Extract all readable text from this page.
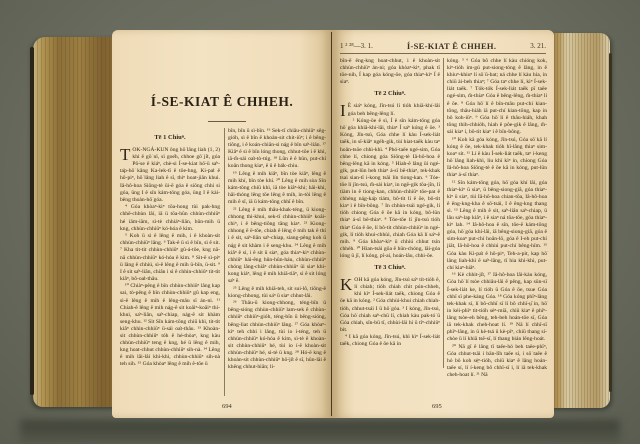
Í-SE-KIAT Ê CHHEH.
Tē 1 Chiuⁿ.

TOK-NGÁ-KUN ông hō͘ lâng liah (1, 2) khì ê gō͘ nî, sì goe̍h, chhoe gō͘ ji̍t, góa Pō͘-se ê kiáⁿ, chè-si Í-se-kiat hō͘-ū sa̍ⁿ-ta̍p-hō͘ kâng Ka-lek-tī ê tōe-hng, Ki-pa̍t ê hô-piⁿ, hō͘ lâng liah ê sî, thiⁿ hoat-jiân khui. Iâ-hô-hoa Siōng-tè ūi-ē góa ê siōng chhi si góa, ūng I ê sîn kám-tōng góa, ūng I ê kài-bēng thoàn-hō͘ góa.

⁴ Góa khòaⁿ-kìⁿ tōa-hong tùi pak-hng chhē-chhùn lâi, iā ū tōa-hûn chhùn-chhiūⁿ hé iām-iām, sì-tè chhiáⁿ-liān, hûn-mih ū kng, chhùn-chhiūⁿ kó-hóa ê kim.

⁵ Koh ū sì ê lêng ê mih, i ê khoàn-sit chhùn-chhiūⁿ lâng. ⁶ Tak-ê ū sì ê bīn, sì ê sit. ⁷ Kha tit-tit chhùn-chhiūⁿ gû-á-tôe, kng nā-nā chhùn-chhiūⁿ kó-hóa ê kim. ⁸ Sit-ē sì-piⁿ ū lâng ê chhiú, sì-ê lêng ê mih ū-bīn, ū-sit. ⁹ I ê sit sa̍ⁿ-liân, chiân i sì ê chhin-chhiūⁿ tit-tit kiâⁿ, bô-oa̍t-thâu.

¹⁰ Chiàⁿ-pêng ê bīn chhùn-chhiūⁿ lâng kap sai, tò-pêng ê bīn chhùn-chhiūⁿ gû kap eng, sì-ê lêng ê mih ê lêng-mâu sī án-ni. ¹¹ Chiah-ê lêng ê mih ná̤g-ê sit koâiⁿ-koâiⁿ thí-khui, sa̍ⁿ-liân, sa̍ⁿ-chiap, ná̤g-ê sit khàm seng-khu. ¹² Sit Sîn kám-tōng chiū khì, tit-tit kiâⁿ chhin-chhiūⁿ ū-sái oa̍t-thâu. ¹³ Khoàn-sit chhùn-chhiūⁿ tóh ê hé-thòaⁿ, kng kàu chhùn-chhiūⁿ teng ê kng, hé ū lêng ê mih, kng hoat-chhut chhùn-chhiūⁿ sih-nà. ¹⁴ Lêng ê mih lâi-lâi khì-khì, chhùn-chhiūⁿ sih-nà teh sih. ¹⁵ Góa khòaⁿ lêng ê mih ê-tōe ū

bîn, bîn ū sì-bīn. ¹⁶ Sek-tī chiâu-chhiūⁿ sêg-gióh, sì ê bîn ē khoàn-sit chit-iūⁿ; i ê bêng-tiông, i ê koán-chiān-sì ná̤g ê bîn sa̍ⁿ-liân. ¹⁷ Kiâⁿ ê sì ê bîn lóng thong, chhut-tōe i ê khì, iā-m̄-sái oa̍t-tò-tńg. ¹⁸ Lûn ê ê hûn, put-chí koân thong kiaⁿ, ē ū ê bák-chiu.

¹⁹ Lêng ê mih kiâⁿ, bîn tòe kiâⁿ, lêng ê mih khí, bîn tòe khí. ²⁰ Lêng ê mih sòa Sîn kám-tōng chiū khì, iā tòe kiâⁿ-khì; hâi-khì, hâi-thóng lêng tōe lêng ê mih, in-tòi lêng ê mih ê sî, iā ū kám-tōng chhī ê bîn.

²² Lêng ê mih thâu-khak-téng, ū kiong-chhong thi-khui, sek-tī chhùn-chhiūⁿ koâi-chiⁿ, i ê bêng-tiông tāng kiaⁿ. ²³ Kiong-chhong ē ē-tōe, chiah ê lêng ê mih tak ê thí i ê sit, sa̍ⁿ-liân sa̍ⁿ-chiap, siang-pêng koh ū ná̤g ê sit khàm i ê seng-khu. ²⁴ Lêng ê mih kiâⁿ ê sì, i ê sit ū siaⁿ, góa thiaⁿ-kìⁿ chhùn-chhiūⁿ hái-êng hûn-hûn-háu, chhùn-chhiūⁿ chóng lâng-chiâⁿ chhùn-chhiūⁿ ūi siaⁿ khì-kong kiáⁿ, lêng ê mih khiā-tiāⁿ, sì ê sit lóng sa̍ⁿ ē.

²⁵ Lêng ê mih khiā-teh, sit sui-lô, tiông-ē kiong-chhong, tùi sa̍ⁿ ū siaⁿ chhut-lâi.

²⁶ Thâu-ū kiong-chhong, téng-bīn ū bêng-sióng chhùn-chhiūⁿ lam-sek ê chhùn-chhiūⁿ chhiūⁿ-gióh, téng-bīn ū bêng-sióng, bêng-liat chhùn-chhiūⁿ lâng. ²⁷ Góa khòaⁿ-kìⁿ teh chhi i lâng, tùi io í-téng, teh ū chhùn-chhiūⁿ kó-hóa ê kim, sì-tè ê khoàn-sit chhùn-chhiūⁿ hé, tùi io í-ē khoàn-sit chhùn-chhiūⁿ hé, sì-tè ū kng. ²⁸ Hó-ē kng ê khoàn-sit chhùn-chhiūⁿ hō͘-ji̍t ê sî, hûn-lāi ê khēng chhut-hiān; lí-

694
1 ² ²⁸—3. 1.	Í-SE-KIAT Ê CHHEH.	3. 21.

bîn-ē êng-kng hoat-chhut, i ê khoàn-sit chhùn-chhiūⁿ án-ni; góa khòaⁿ-kìⁿ, phak tī tōe-nih, Í kap góa kóng-ōe, góa thiaⁿ-kìⁿ Í ê siaⁿ.

Tē 2 Chiuⁿ.

I Ê sia̍ⁿ kóng, Jîn-tsú lí tióh khiā-khí-lâi góa beh bêng-lêng lí.

² Kóng-ōe ê sì, Í ê sîn kám-tōng góa hō͘ góa khiā-khí-lâi, thiaⁿ Í sa̍ⁿ kóng ê ōe. ³ Kóng, Jîn-tsú, Góa chhe lí kàu Í-sek-liát taēk, in sī-kiâⁿ ngéh-gik, tùi hiat-taēk kàu taⁿ hoân-tsōe chhì-khì. ⁴ Phó͘-taēe ngé-sim, Góa chhe lí, chiong góa Siōng-tè Iâ-hô-hoa ê bêng-lēng kā in kóng. ⁵ Hiah-ê lâng ūi ngé-gik, put-lūn beh thiaⁿ á-sī bē-thiaⁿ, tek-khak tsai sian-tī i-kong tsāi lín tiong-kan. ⁶ Tóe-tōe lí jîn-tsú, m̄-sái kiaⁿ, in ngē-gik tōa-jîn, lí tiàm in ē tiong-kan, chhùn-chhiūⁿ tōe-pat ê chhèng ná̤g-ka̍p tiám, bô-tit lí ê ōe, bô-tit kiaⁿ i ê bīn-bông. ⁷ In chhùn-tsái ngé-gik, lí tióh chiong Góa ê ōe kā in kóng, bô-lūn thiaⁿ á-sī bē-thiaⁿ. ⁸ Tóe-tōe lí jîn-tsú tióh thiaⁿ Góa ê ōe, lí bô-tit chhùn-chhiūⁿ in ngé-gik, lí tióh khui-chhùi, chiah Góa kā lí sa̍ⁿ-ê mih. ⁹ Góa khòaⁿ-kìⁿ ū chhiú chhut tsín chhèh. ¹⁰ Hian-tsái gōa ê hūn-chóng, lāi-góa lóng ū jī, lí kóng, pî-ai, hoán-lâu, chhi-ōe.

Tē 3 Chiuⁿ.

KOH kā góa kóng, Jîn-tsú sa̍ⁿ tít-tióh ê, lí chiah; tióh chiah chit pún-chheh, khì kìⁿ Í-sek-liát taēk, chiong Góa ê ōe kā in kóng. ² Góa chhùi-khui chiah chiah-tióh, chhut-tsái I ū hō͘ góa. ³ I kóng, Jîn-tsú, Góa hō͘ chiah sa̍ⁿ-chū lí, chiah kàu pak-tó͘ ū Góa chiah, sîn-bū tī, chhùi-lāi hí ū tîⁿ-chhiūⁿ bit.

⁴ I kā góa kóng, Jîn-tsú, khì kìⁿ Í-sek-liát taēk, chiong Góa ê ōe kā in

kóng. ⁵ ⁶ Góa bô chhe lí kàu chióng kok, kiⁿ-tióh im-gú put-siong-tóng ê lâng, in ê khiuⁿ-khiuⁿ lí sō͘ ū-bat; ná chhe lí kàu hia, in chiū ài-beh thiaⁿ; ⁷ Góa taⁿ chhe lí, kìⁿ Í-sek-liát taēk. ⁷ Tók-tók Í-sek-liát taēk pī taēe ngé-sim, m̄-thiaⁿ Góa ê bêng-lêng, m̄-thiaⁿ lí ê ōe. ⁸ Góa hō͘ lí ê bīn-mâu put-chí kian-tōng, thâu-hiáh iā put-chí kian-tōng, kap in bô koh-iūⁿ. ⁹ Góa hō͘ lí ê thâu-hiáh, khah tōng thih-chhióh, hiah ê pôe-gik ê lâng, m̄-sái kiaⁿ i, bô-tit kiaⁿ i ê bīn-bông.

¹⁰ Koh kā góa kóng, Jîn-tsú, Góa sō͘ kā lí kóng ê ōe, tek-khak tióh hī-lâng thiaⁿ sim-koaⁿ sit. ¹¹ Lí ê kàu Í-sek-liát taēk, taⁿ í-keng hō͘ lâng liah-khì, lìu khì kìⁿ in, chiong Góa Iâ-hô-hoa Siōng-tè ê ōe kā in kóng, put-lūn thiaⁿ á-sī thiaⁿ.

¹² Sîn kám-tōng góa, hō͘ góa khí lâi, góa thiaⁿ-kìⁿ ū siaⁿ, ū bêng-siong-giâ, góa thiaⁿ-kìⁿ ū siaⁿ, tùi Iâ-hô-hoa chian-tōa, Iâ-hô-hoa ê êng-kng-kha ê sō͘-tsái, I ê êng-kng thang sì. ¹³ Lêng ê mih ê sit, sa̍ⁿ-liân sa̍ⁿ-chiap, ū lâu sa̍ⁿ-lap kiâⁿ, i ê siaⁿ ná tōa-tōe, góa thiaⁿ-kìⁿ lah. ¹⁴ Iâ-hô-hoa ê sîn, tōe-ē kám-tōng góa, hō͘ góa khí-lâi, iā bêng-siong-giâ, góa ê sim-koaⁿ put-chí hoân-lō, góa ê I-eh put-chí jiāt, Iâ-hô-hoa ê chhiú put-chí bêng-hīm. ¹⁵ Góa kàu Ki-pa̍t ê hô-piⁿ, Teh-a-pit, kap hō͘ lâng liah-khì ê sa̍ⁿ-lâng, tī hia khì-khì, put-chí kiaⁿ-hiâⁿ.

¹⁶ Kè chhit-ji̍t, ¹⁷ Iâ-hô-hoa lâi-kàu kóng, Góa hō͘ lí tsòe chhiâu-lâi ê pêng, kap sūn-sī Í-sek-liát ke, lí tióh ū Góa ê ōe, tsue Góa chhī sī phe-kàng Góa. ¹⁸ Góa kóng phīⁿ-lâng tek-khak sí, lí bô-chhī sī lí bô chhī-ṳ̄ in, hō͘ in kéi-phīⁿ tit-tióh sèⁿ-miā, chiū kiaⁿ ê phīⁿ-lâng tsòe-eh bêng, teh-beh hoán-tōe sī, Góa iā tek-khak cheh-hoat lí. ¹⁹ Nā lí chhī-sī phīⁿ-lâng, in ū kè-tsá ū kè-pīⁿ, chiū thang sí-chòe ū lí khiā tsē-sī, lí thang bián lêng-hoát.

²⁰ Nā gī ê lâng tī taēe-hó beh taēe-phīⁿ, Góa chhut-tsāi i bān-lîh taēe sí, i sō͘ taēe ê hó bô koh sè̤ⁿ-tióh, chiū kiaⁿ ê lâng hoán-taēe sí, lí í-keng bô chhī-sī i, lí iā tek-khak cheh-hoat lí. ²¹ Nā

695
